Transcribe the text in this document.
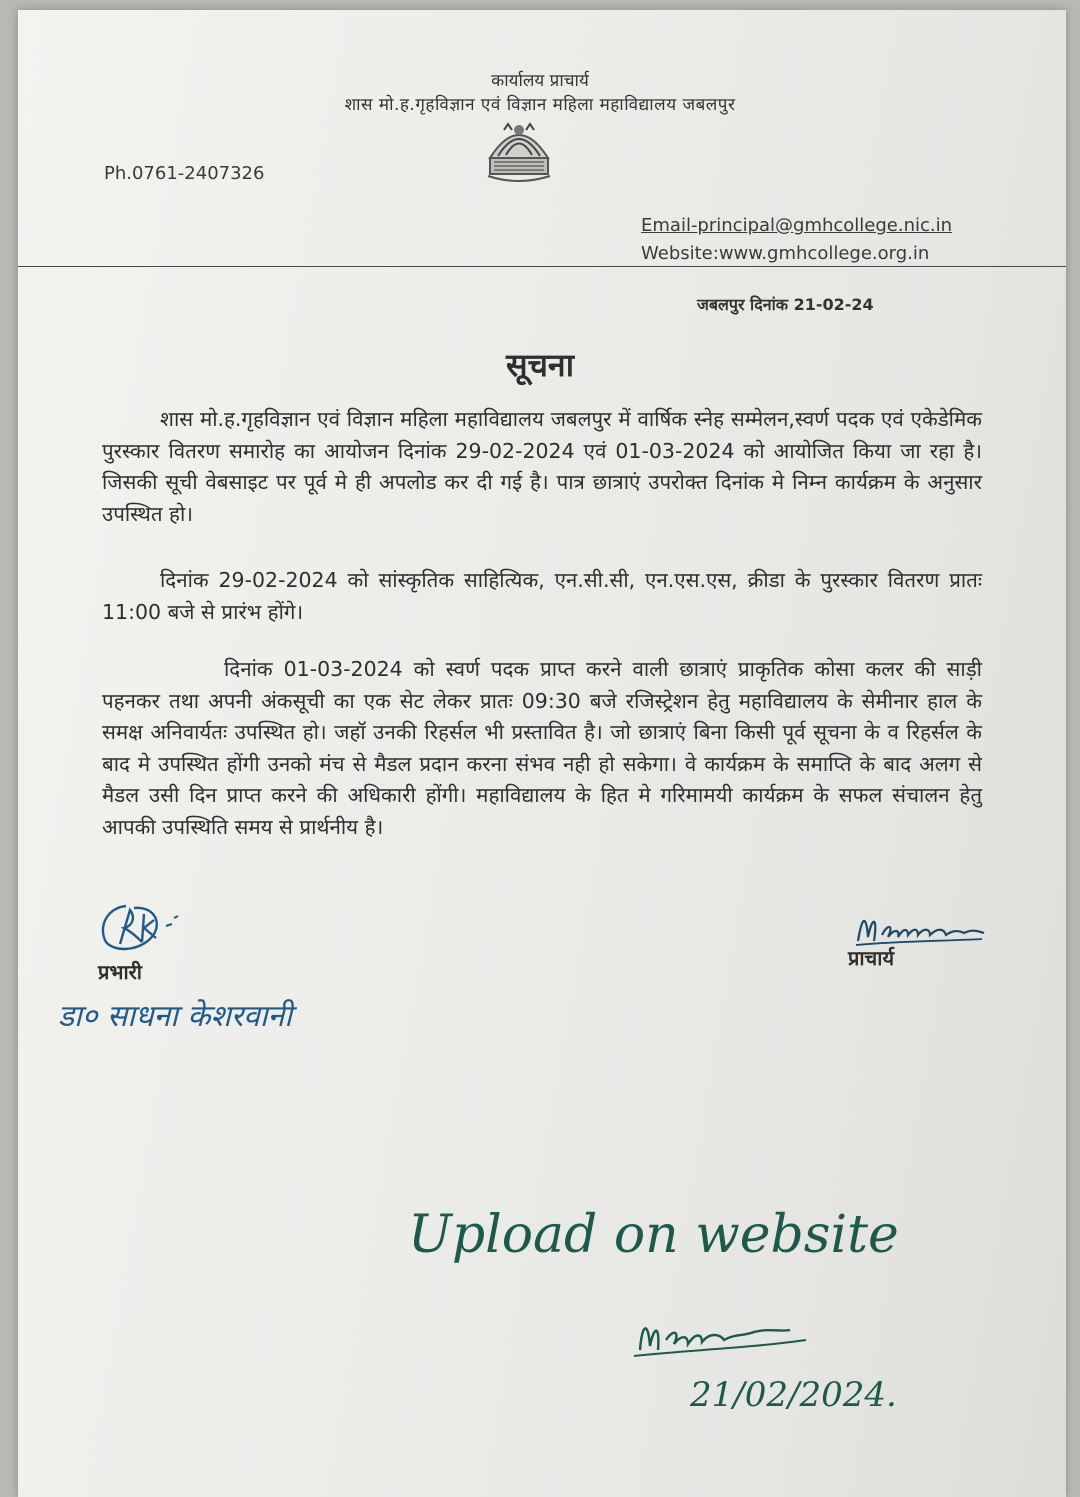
कार्यालय प्राचार्य
शास मो.ह.गृहविज्ञान एवं विज्ञान महिला महाविद्यालय जबलपुर
Ph.0761-2407326
Email-principal@gmhcollege.nic.in
Website:www.gmhcollege.org.in
जबलपुर दिनांक 21-02-24
सूचना
शास मो.ह.गृहविज्ञान एवं विज्ञान महिला महाविद्यालय जबलपुर में वार्षिक स्नेह सम्मेलन,स्वर्ण पदक एवं एकेडेमिक पुरस्कार वितरण समारोह का आयोजन दिनांक 29-02-2024 एवं 01-03-2024 को आयोजित किया जा रहा है। जिसकी सूची वेबसाइट पर पूर्व मे ही अपलोड कर दी गई है। पात्र छात्राएं उपरोक्त दिनांक मे निम्न कार्यक्रम के अनुसार उपस्थित हो।
दिनांक 29-02-2024 को सांस्कृतिक साहित्यिक, एन.सी.सी, एन.एस.एस, क्रीडा के पुरस्कार वितरण प्रातः 11:00 बजे से प्रारंभ होंगे।
दिनांक 01-03-2024 को स्वर्ण पदक प्राप्त करने वाली छात्राएं प्राकृतिक कोसा कलर की साड़ी पहनकर तथा अपनी अंकसूची का एक सेट लेकर प्रातः 09:30 बजे रजिस्ट्रेशन हेतु महाविद्यालय के सेमीनार हाल के समक्ष अनिवार्यतः उपस्थित हो। जहॉ उनकी रिहर्सल भी प्रस्तावित है। जो छात्राएं बिना किसी पूर्व सूचना के व रिहर्सल के बाद मे उपस्थित होंगी उनको मंच से मैडल प्रदान करना संभव नही हो सकेगा। वे कार्यक्रम के समाप्ति के बाद अलग से मैडल उसी दिन प्राप्त करने की अधिकारी होंगी। महाविद्यालय के हित मे गरिमामयी कार्यक्रम के सफल संचालन हेतु आपकी उपस्थिति समय से प्रार्थनीय है।
प्रभारी
प्राचार्य
डा० साधना केशरवानी
Upload on website
21/02/2024.
